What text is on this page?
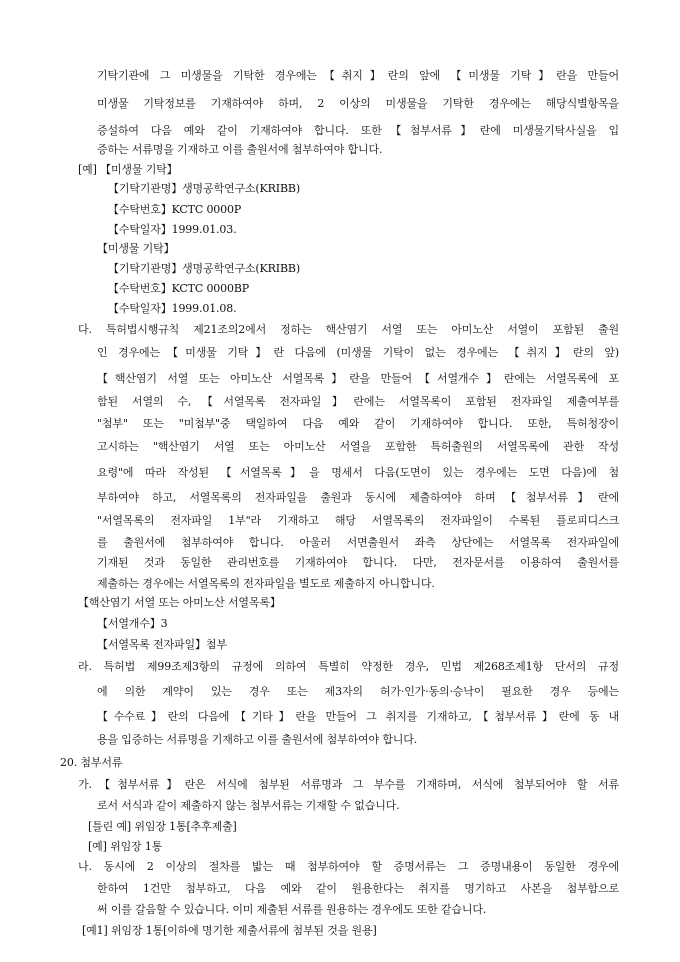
기탁기관에 그 미생물을 기탁한 경우에는【취지】란의 앞에 【미생물 기탁】란을 만들어
미생물 기탁정보를 기재하여야 하며, 2 이상의 미생물을 기탁한 경우에는 해당식별항목을
증설하여 다음 예와 같이 기재하여야 합니다. 또한【첨부서류】란에 미생물기탁사실을 입
증하는 서류명을 기재하고 이를 출원서에 첨부하여야 합니다.
[예] 【미생물 기탁】
【기탁기관명】생명공학연구소(KRIBB)
【수탁번호】KCTC 0000P
【수탁일자】1999.01.03.
【미생물 기탁】
【기탁기관명】생명공학연구소(KRIBB)
【수탁번호】KCTC 0000BP
【수탁일자】1999.01.08.
다. 특허법시행규칙 제21조의2에서 정하는 핵산염기 서열 또는 아미노산 서열이 포함된 출원
인 경우에는【미생물 기탁】란 다음에 (미생물 기탁이 없는 경우에는 【취지】란의 앞)
【핵산염기 서열 또는 아미노산 서열목록】란을 만들어【서열개수】란에는 서열목록에 포
함된 서열의 수,【서열목록 전자파일】란에는 서열목록이 포함된 전자파일 제출여부를
"첨부" 또는 "미첨부"중 택일하여 다음 예와 같이 기재하여야 합니다. 또한, 특허청장이
고시하는 "핵산염기 서열 또는 아미노산 서열을 포함한 특허출원의 서열목록에 관한 작성
요령"에 따라 작성된 【서열목록】을 명세서 다음(도면이 있는 경우에는 도면 다음)에 첨
부하여야 하고, 서열목록의 전자파일을 출원과 동시에 제출하여야 하며【첨부서류】란에
"서열목록의 전자파일 1부"라 기재하고 해당 서열목록의 전자파일이 수록된 플로피디스크
를 출원서에 첨부하여야 합니다. 아울러 서면출원서 좌측 상단에는 서열목록 전자파일에
기재된 것과 동일한 관리번호를 기재하여야 합니다. 다만, 전자문서를 이용하여 출원서를
제출하는 경우에는 서열목록의 전자파일을 별도로 제출하지 아니합니다.
【핵산염기 서열 또는 아미노산 서열목록】
【서열개수】3
【서열목록 전자파일】첨부
라. 특허법 제99조제3항의 규정에 의하여 특별히 약정한 경우, 민법 제268조제1항 단서의 규정
에 의한 계약이 있는 경우 또는 제3자의 허가·인가·동의·승낙이 필요한 경우 등에는
【수수료】란의 다음에【기타】란을 만들어 그 취지를 기재하고,【첨부서류】란에 동 내
용을 입증하는 서류명을 기재하고 이를 출원서에 첨부하여야 합니다.
20. 첨부서류
가.【첨부서류】란은 서식에 첨부된 서류명과 그 부수를 기재하며, 서식에 첨부되어야 할 서류
로서 서식과 같이 제출하지 않는 첨부서류는 기재할 수 없습니다.
[틀린 예] 위임장 1통[추후제출]
[예] 위임장 1통
나. 동시에 2 이상의 절차를 밟는 때 첨부하여야 할 증명서류는 그 증명내용이 동일한 경우에
한하여 1건만 첨부하고, 다음 예와 같이 원용한다는 취지를 명기하고 사본을 첨부함으로
써 이를 갈음할 수 있습니다. 이미 제출된 서류를 원용하는 경우에도 또한 같습니다.
[예1] 위임장 1통[이하에 명기한 제출서류에 첨부된 것을 원용]
